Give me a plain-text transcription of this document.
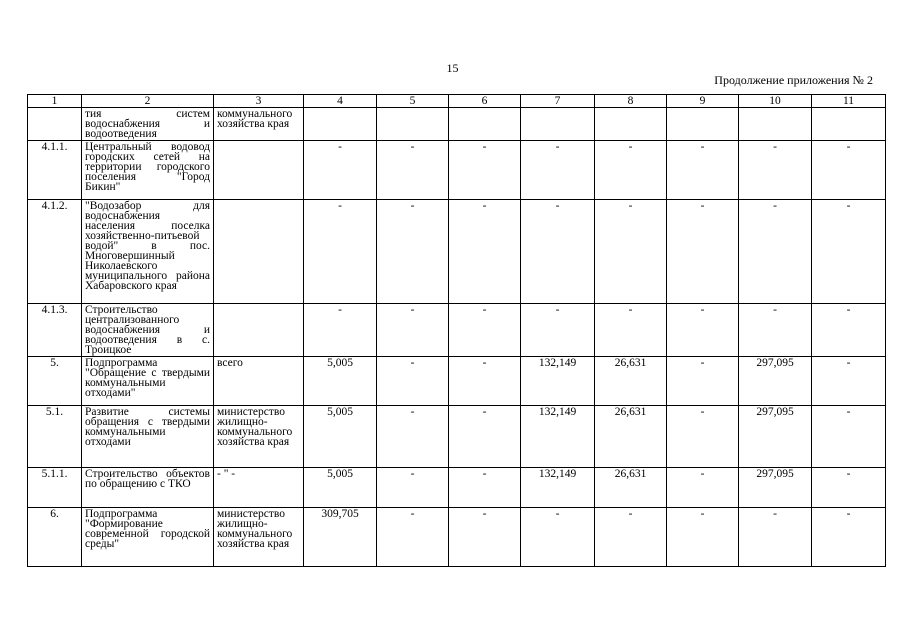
15
Продолжение приложения № 2
1	2	3	4	5	6	7	8	9	10	11
	тия систем водоснабжения и водоотведения	коммунального хозяйства края								
4.1.1.	Центральный водовод городских сетей на территории городского поселения "Город Бикин"		-	-	-	-	-	-	-	-
4.1.2.	"Водозабор для водоснабжения населения поселка хозяйственно-питьевой водой" в пос. Многовершинный Николаевского муниципального района Хабаровского края		-	-	-	-	-	-	-	-
4.1.3.	Строительство централизованного водоснабжения и водоотведения в с. Троицкое		-	-	-	-	-	-	-	-
5.	Подпрограмма "Обращение с твердыми коммунальными отходами"	всего	5,005	-	-	132,149	26,631	-	297,095	-
5.1.	Развитие системы обращения с твердыми коммунальными отходами	министерство жилищно-коммунального хозяйства края	5,005	-	-	132,149	26,631	-	297,095	-
5.1.1.	Строительство объектов по обращению с ТКО	- " -	5,005	-	-	132,149	26,631	-	297,095	-
6.	Подпрограмма "Формирование современной городской среды"	министерство жилищно-коммунального хозяйства края	309,705	-	-	-	-	-	-	-
